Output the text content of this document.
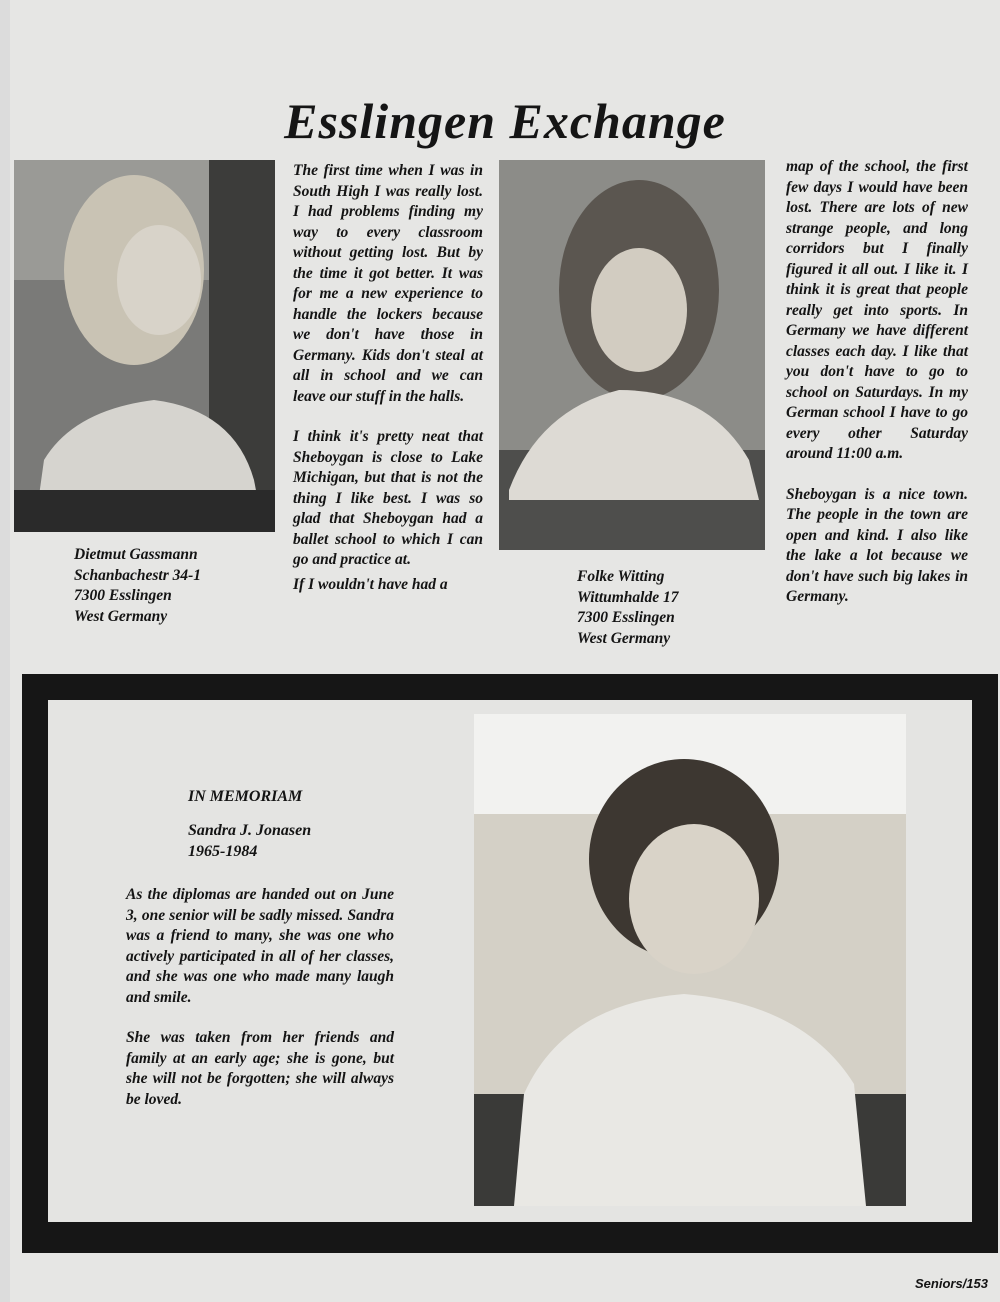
Esslingen Exchange
Dietmut Gassmann
Schanbachestr 34-1
7300 Esslingen
West Germany

The first time when I was in South High I was really lost. I had problems finding my way to every classroom without getting lost. But by the time it got better. It was for me a new experience to handle the lockers because we don't have those in Germany. Kids don't steal at all in school and we can leave our stuff in the halls.

I think it's pretty neat that Sheboygan is close to Lake Michigan, but that is not the thing I like best. I was so glad that Sheboygan had a ballet school to which I can go and practice at.

If I wouldn't have had a	Folke Witting
Wittumhalde 17
7300 Esslingen
West Germany

map of the school, the first few days I would have been lost. There are lots of new strange people, and long corridors but I finally figured it all out. I like it. I think it is great that people really get into sports. In Germany we have different classes each day. I like that you don't have to go to school on Saturdays. In my German school I have to go every other Saturday around 11:00 a.m.

Sheboygan is a nice town. The people in the town are open and kind. I also like the lake a lot because we don't have such big lakes in Germany.

IN MEMORIAM
Sandra J. Jonasen
1965-1984

As the diplomas are handed out on June 3, one senior will be sadly missed. Sandra was a friend to many, she was one who actively participated in all of her classes, and she was one who made many laugh and smile.

She was taken from her friends and family at an early age; she is gone, but she will not be forgotten; she will always be loved.

Seniors/153
